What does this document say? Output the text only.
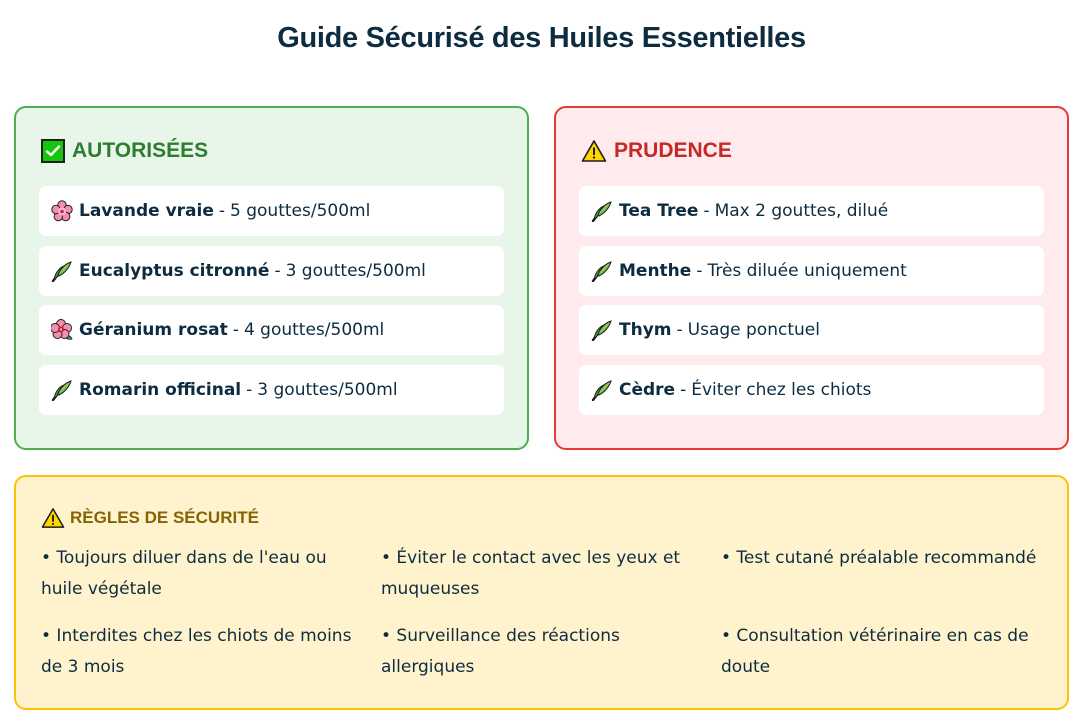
Guide Sécurisé des Huiles Essentielles
AUTORISÉES
Lavande vraie - 5 gouttes/500ml
Eucalyptus citronné - 3 gouttes/500ml
Géranium rosat - 4 gouttes/500ml
Romarin officinal - 3 gouttes/500ml
PRUDENCE
Tea Tree - Max 2 gouttes, dilué
Menthe - Très diluée uniquement
Thym - Usage ponctuel
Cèdre - Éviter chez les chiots
RÈGLES DE SÉCURITÉ
• Toujours diluer dans de l'eau ou huile végétale
• Éviter le contact avec les yeux et muqueuses
• Test cutané préalable recommandé
• Interdites chez les chiots de moins de 3 mois
• Surveillance des réactions allergiques
• Consultation vétérinaire en cas de doute
